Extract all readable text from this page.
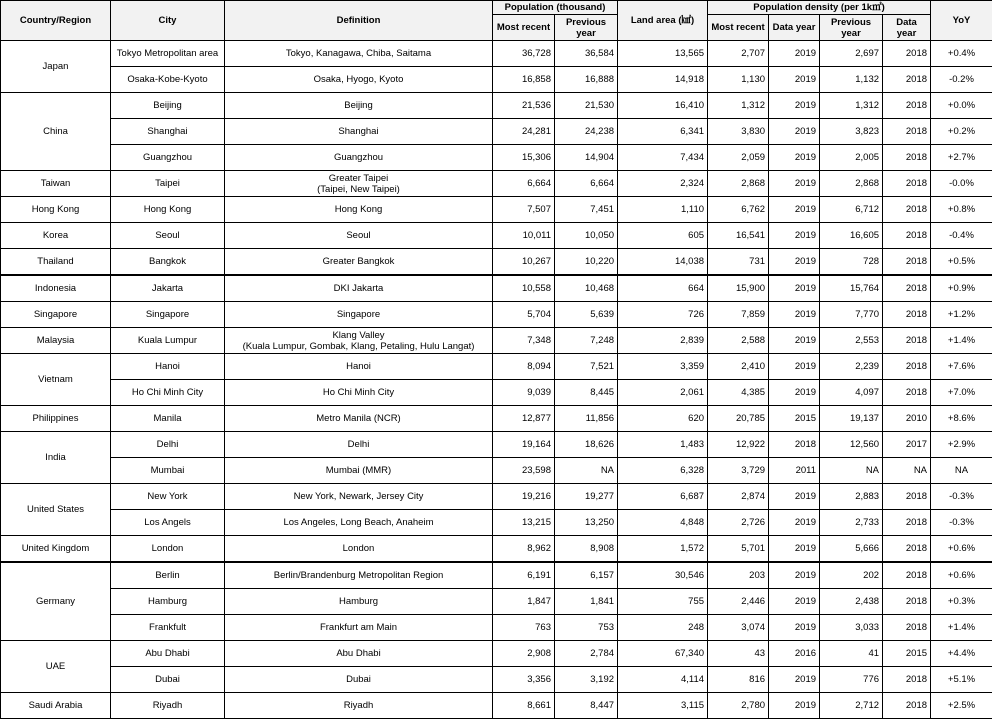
Country/Region	City	Definition	Population (thousand)		Land area (㎢)	Population density (per 1k㎡)				YoY
			Most recent	Previous year		Most recent	Data year	Previous year	Data year	
Japan	Tokyo Metropolitan area	Tokyo, Kanagawa, Chiba, Saitama	36,728	36,584	13,565	2,707	2019	2,697	2018	+0.4%
	Osaka-Kobe-Kyoto	Osaka, Hyogo, Kyoto	16,858	16,888	14,918	1,130	2019	1,132	2018	-0.2%
China	Beijing	Beijing	21,536	21,530	16,410	1,312	2019	1,312	2018	+0.0%
	Shanghai	Shanghai	24,281	24,238	6,341	3,830	2019	3,823	2018	+0.2%
	Guangzhou	Guangzhou	15,306	14,904	7,434	2,059	2019	2,005	2018	+2.7%
Taiwan	Taipei	Greater Taipei
(Taipei, New Taipei)	6,664	6,664	2,324	2,868	2019	2,868	2018	-0.0%
Hong Kong	Hong Kong	Hong Kong	7,507	7,451	1,110	6,762	2019	6,712	2018	+0.8%
Korea	Seoul	Seoul	10,011	10,050	605	16,541	2019	16,605	2018	-0.4%
Thailand	Bangkok	Greater Bangkok	10,267	10,220	14,038	731	2019	728	2018	+0.5%
Indonesia	Jakarta	DKI Jakarta	10,558	10,468	664	15,900	2019	15,764	2018	+0.9%
Singapore	Singapore	Singapore	5,704	5,639	726	7,859	2019	7,770	2018	+1.2%
Malaysia	Kuala Lumpur	Klang Valley
(Kuala Lumpur, Gombak, Klang, Petaling, Hulu Langat)	7,348	7,248	2,839	2,588	2019	2,553	2018	+1.4%
Vietnam	Hanoi	Hanoi	8,094	7,521	3,359	2,410	2019	2,239	2018	+7.6%
	Ho Chi Minh City	Ho Chi Minh City	9,039	8,445	2,061	4,385	2019	4,097	2018	+7.0%
Philippines	Manila	Metro Manila (NCR)	12,877	11,856	620	20,785	2015	19,137	2010	+8.6%
India	Delhi	Delhi	19,164	18,626	1,483	12,922	2018	12,560	2017	+2.9%
	Mumbai	Mumbai (MMR)	23,598	NA	6,328	3,729	2011	NA	NA	NA
United States	New York	New York, Newark, Jersey City	19,216	19,277	6,687	2,874	2019	2,883	2018	-0.3%
	Los Angels	Los Angeles, Long Beach, Anaheim	13,215	13,250	4,848	2,726	2019	2,733	2018	-0.3%
United Kingdom	London	London	8,962	8,908	1,572	5,701	2019	5,666	2018	+0.6%
Germany	Berlin	Berlin/Brandenburg Metropolitan Region	6,191	6,157	30,546	203	2019	202	2018	+0.6%
	Hamburg	Hamburg	1,847	1,841	755	2,446	2019	2,438	2018	+0.3%
	Frankfult	Frankfurt am Main	763	753	248	3,074	2019	3,033	2018	+1.4%
UAE	Abu Dhabi	Abu Dhabi	2,908	2,784	67,340	43	2016	41	2015	+4.4%
	Dubai	Dubai	3,356	3,192	4,114	816	2019	776	2018	+5.1%
Saudi Arabia	Riyadh	Riyadh	8,661	8,447	3,115	2,780	2019	2,712	2018	+2.5%
